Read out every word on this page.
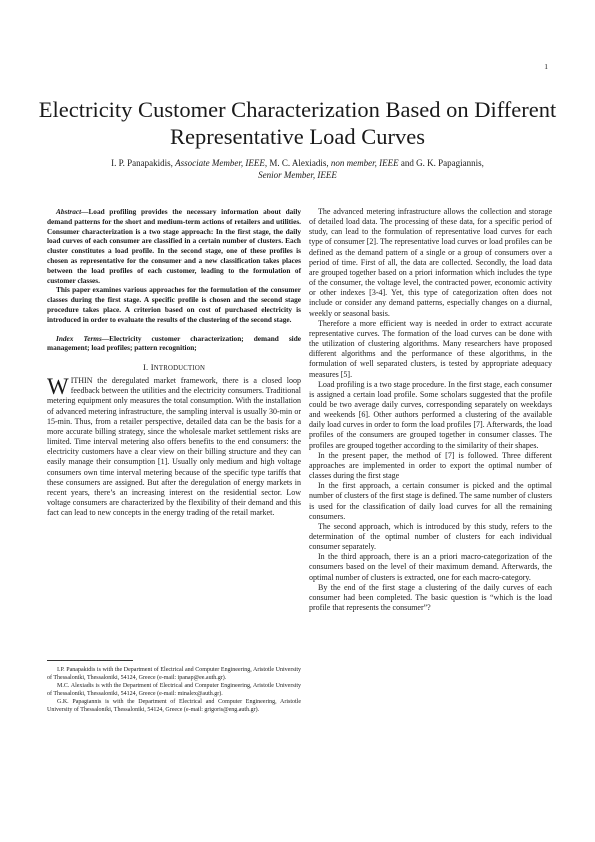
1
Electricity Customer Characterization Based on Different Representative Load Curves
I. P. Panapakidis, Associate Member, IEEE, M. C. Alexiadis, non member, IEEE and G. K. Papagiannis, Senior Member, IEEE

Abstract—Load profiling provides the necessary information about daily demand patterns for the short and medium-term actions of retailers and utilities. Consumer characterization is a two stage approach: In the first stage, the daily load curves of each consumer are classified in a certain number of clusters. Each cluster constitutes a load profile. In the second stage, one of these profiles is chosen as representative for the consumer and a new classification takes places between the load profiles of each customer, leading to the formulation of customer classes.

This paper examines various approaches for the formulation of the consumer classes during the first stage. A specific profile is chosen and the second stage procedure takes place. A criterion based on cost of purchased electricity is introduced in order to evaluate the results of the clustering of the second stage.

Index Terms—Electricity customer characterization; demand side management; load profiles; pattern recognition;

I. INTRODUCTION

WITHIN the deregulated market framework, there is a closed loop feedback between the utilities and the electricity consumers. Traditional metering equipment only measures the total consumption. With the installation of advanced metering infrastructure, the sampling interval is usually 30-min or 15-min. Thus, from a retailer perspective, detailed data can be the basis for a more accurate billing strategy, since the wholesale market settlement risks are limited. Time interval metering also offers benefits to the end consumers: the electricity customers have a clear view on their billing structure and they can easily manage their consumption [1]. Usually only medium and high voltage consumers own time interval metering because of the specific type tariffs that these consumers are assigned. But after the deregulation of energy markets in recent years, there’s an increasing interest on the residential sector. Low voltage consumers are characterized by the flexibility of their demand and this fact can lead to new concepts in the energy trading of the retail market.

I.P. Panapakidis is with the Department of Electrical and Computer Engineering, Aristotle University of Thessaloniki, Thessaloniki, 54124, Greece (e-mail: ipanap@ee.auth.gr).

M.C. Alexiadis is with the Department of Electrical and Computer Engineering, Aristotle University of Thessaloniki, Thessaloniki, 54124, Greece (e-mail: minalex@auth.gr).

G.K. Papagiannis is with the Department of Electrical and Computer Engineering, Aristotle University of Thessaloniki, Thessaloniki, 54124, Greece (e-mail: grigoris@eng.auth.gr).

The advanced metering infrastructure allows the collection and storage of detailed load data. The processing of these data, for a specific period of study, can lead to the formulation of representative load curves for each type of consumer [2]. The representative load curves or load profiles can be defined as the demand pattern of a single or a group of consumers over a period of time. First of all, the data are collected. Secondly, the load data are grouped together based on a priori information which includes the type of the consumer, the voltage level, the contracted power, economic activity or other indexes [3-4]. Yet, this type of categorization often does not include or consider any demand patterns, especially changes on a diurnal, weekly or seasonal basis.

Therefore a more efficient way is needed in order to extract accurate representative curves. The formation of the load curves can be done with the utilization of clustering algorithms. Many researchers have proposed different algorithms and the performance of these algorithms, in the formulation of well separated clusters, is tested by appropriate adequacy measures [5].

Load profiling is a two stage procedure. In the first stage, each consumer is assigned a certain load profile. Some scholars suggested that the profile could be two average daily curves, corresponding separately on weekdays and weekends [6]. Other authors performed a clustering of the available daily load curves in order to form the load profiles [7]. Afterwards, the load profiles of the consumers are grouped together in consumer classes. The profiles are grouped together according to the similarity of their shapes.

In the present paper, the method of [7] is followed. Three different approaches are implemented in order to export the optimal number of classes during the first stage

In the first approach, a certain consumer is picked and the optimal number of clusters of the first stage is defined. The same number of clusters is used for the classification of daily load curves for all the remaining consumers.

The second approach, which is introduced by this study, refers to the determination of the optimal number of clusters for each individual consumer separately.

In the third approach, there is an a priori macro-categorization of the consumers based on the level of their maximum demand. Afterwards, the optimal number of clusters is extracted, one for each macro-category.

By the end of the first stage a clustering of the daily curves of each consumer had been completed. The basic question is “which is the load profile that represents the consumer”?
